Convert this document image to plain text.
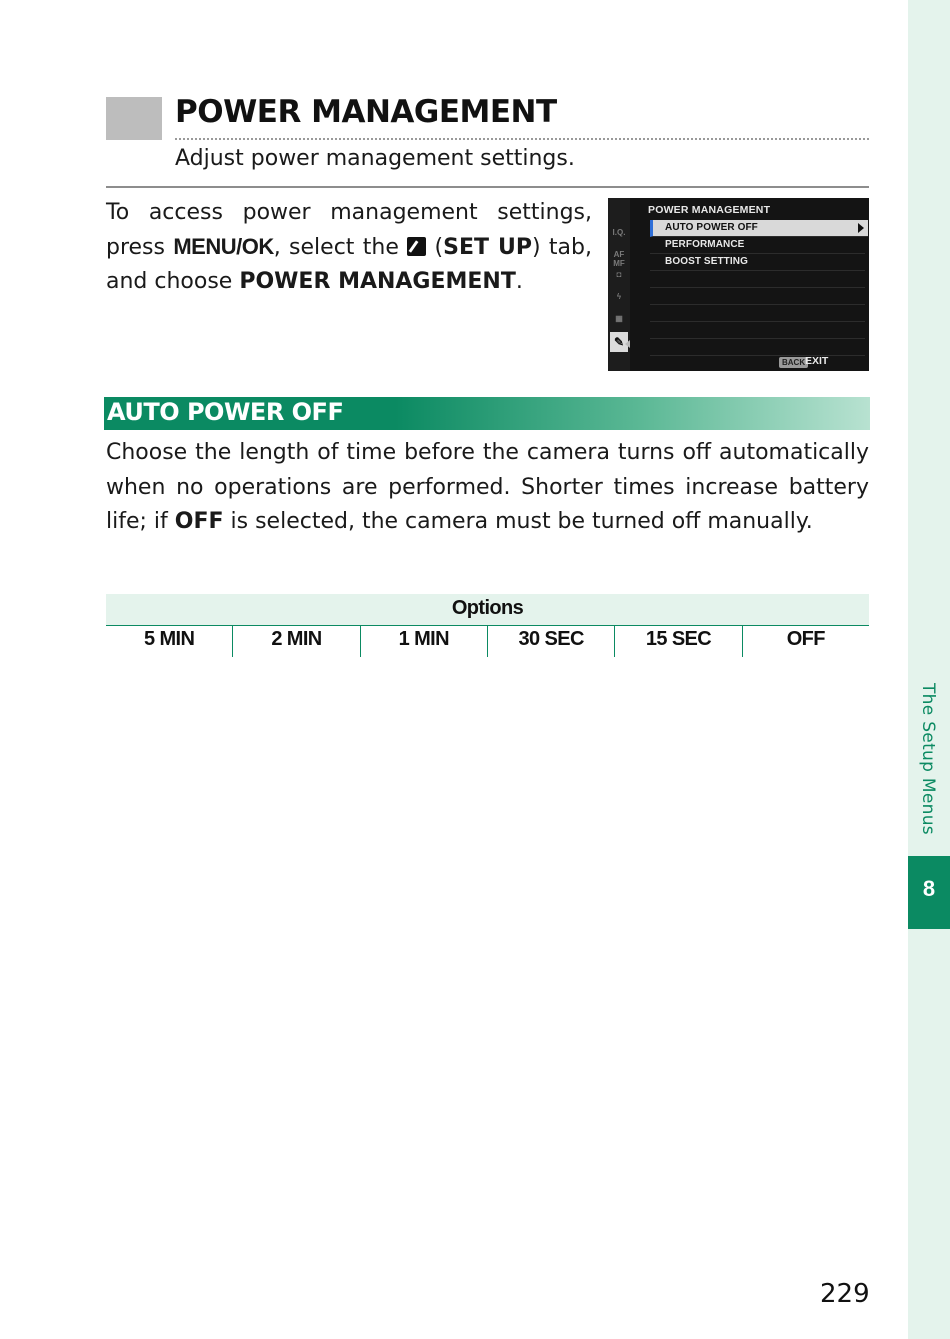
The Setup Menus
8
POWER MANAGEMENT
Adjust power management settings.
To access power management settings, press MENU/OK, select the  (SET UP) tab, and choose POWER MANAGEMENT.
I.Q.
AF MF
◘
ϟ
▦
✎
POWER MANAGEMENT
AUTO POWER OFF
PERFORMANCE
BOOST SETTING
BACK EXIT
AUTO POWER OFF
Choose the length of time before the camera turns off automatically when no operations are performed. Shorter times increase battery life; if OFF is selected, the camera must be turned off manually.
Options
5 MIN	2 MIN	1 MIN	30 SEC	15 SEC	OFF
229
